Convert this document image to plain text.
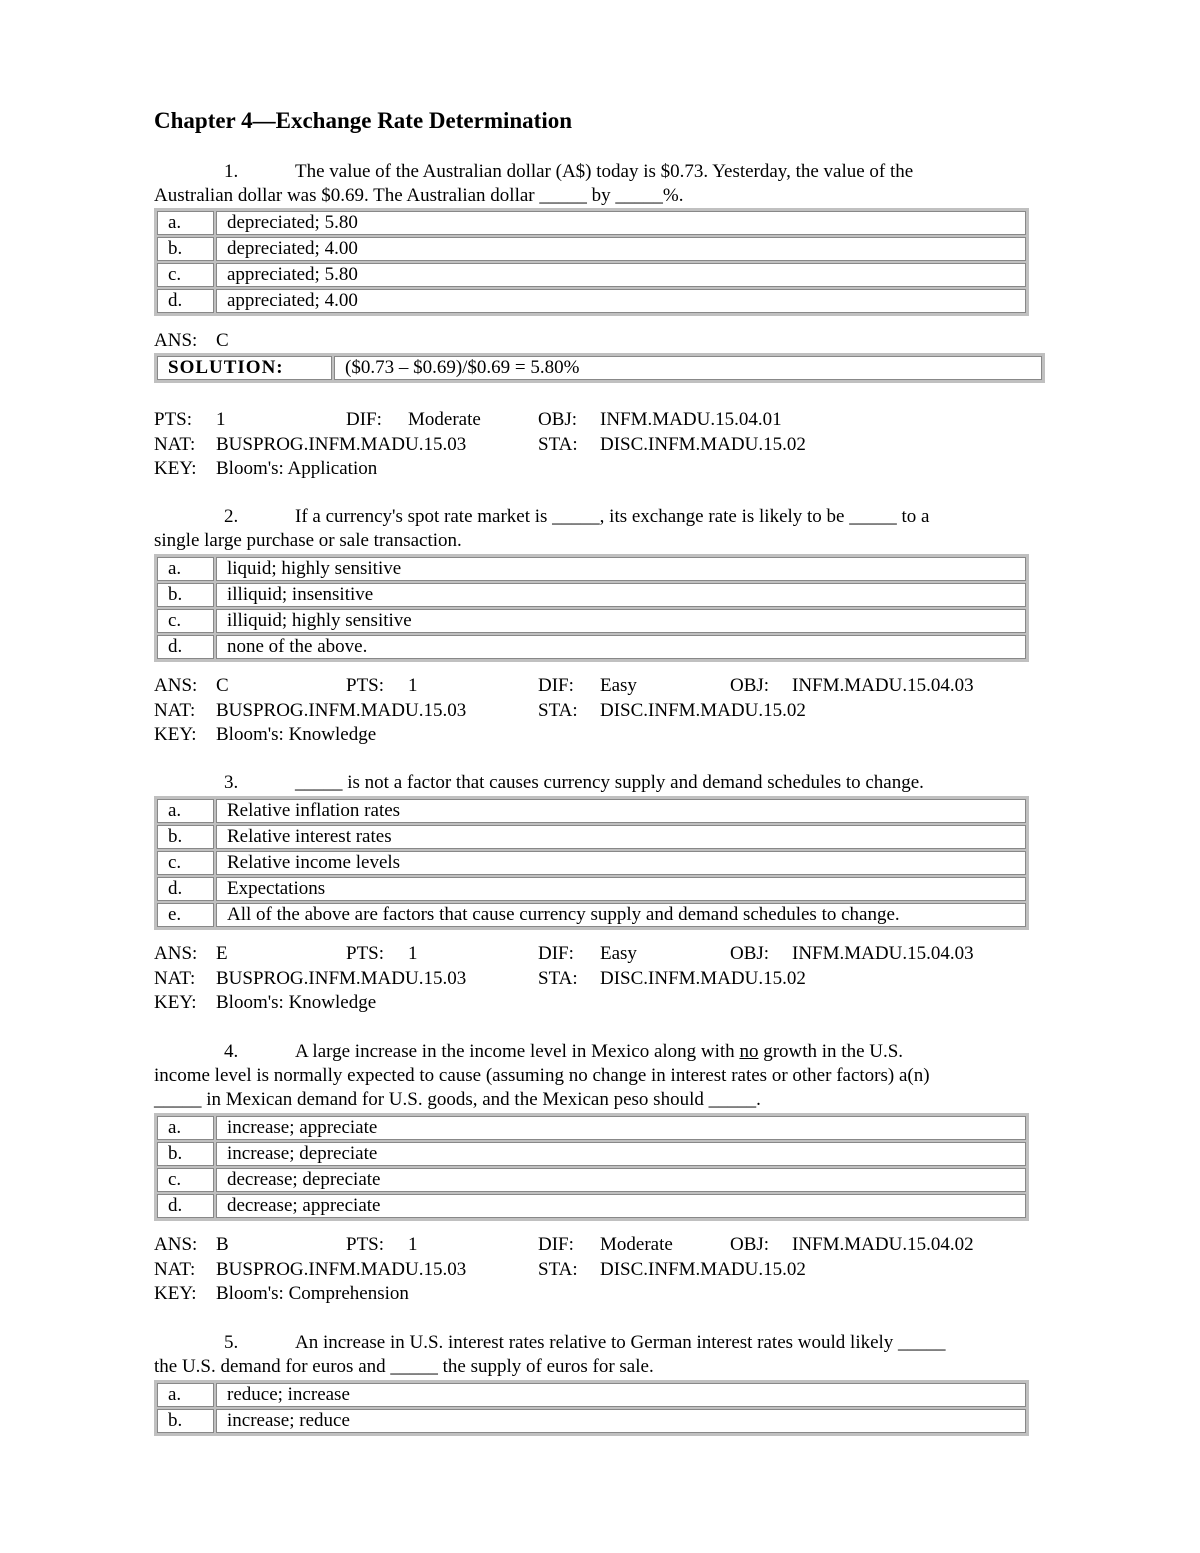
Chapter 4—Exchange Rate Determination
1.	The value of the Australian dollar (A$) today is $0.73. Yesterday, the value of the
Australian dollar was $0.69. The Australian dollar _____ by _____%.
a.	depreciated; 5.80
b.	depreciated; 4.00
c.	appreciated; 5.80
d.	appreciated; 4.00
ANS: C
SOLUTION:	($0.73 – $0.69)/$0.69 = 5.80%
PTS: 1	DIF: Moderate	OBJ: INFM.MADU.15.04.01
NAT: BUSPROG.INFM.MADU.15.03	STA: DISC.INFM.MADU.15.02
KEY: Bloom's: Application
2.	If a currency's spot rate market is _____, its exchange rate is likely to be _____ to a
single large purchase or sale transaction.
a.	liquid; highly sensitive
b.	illiquid; insensitive
c.	illiquid; highly sensitive
d.	none of the above.
ANS: C	PTS: 1	DIF: Easy	OBJ: INFM.MADU.15.04.03
NAT: BUSPROG.INFM.MADU.15.03	STA: DISC.INFM.MADU.15.02
KEY: Bloom's: Knowledge
3.	_____ is not a factor that causes currency supply and demand schedules to change.
a.	Relative inflation rates
b.	Relative interest rates
c.	Relative income levels
d.	Expectations
e.	All of the above are factors that cause currency supply and demand schedules to change.
ANS: E	PTS: 1	DIF: Easy	OBJ: INFM.MADU.15.04.03
NAT: BUSPROG.INFM.MADU.15.03	STA: DISC.INFM.MADU.15.02
KEY: Bloom's: Knowledge
4.	A large increase in the income level in Mexico along with no growth in the U.S.
income level is normally expected to cause (assuming no change in interest rates or other factors) a(n)
_____ in Mexican demand for U.S. goods, and the Mexican peso should _____.
a.	increase; appreciate
b.	increase; depreciate
c.	decrease; depreciate
d.	decrease; appreciate
ANS: B	PTS: 1	DIF: Moderate	OBJ: INFM.MADU.15.04.02
NAT: BUSPROG.INFM.MADU.15.03	STA: DISC.INFM.MADU.15.02
KEY: Bloom's: Comprehension
5.	An increase in U.S. interest rates relative to German interest rates would likely _____
the U.S. demand for euros and _____ the supply of euros for sale.
a.	reduce; increase
b.	increase; reduce
